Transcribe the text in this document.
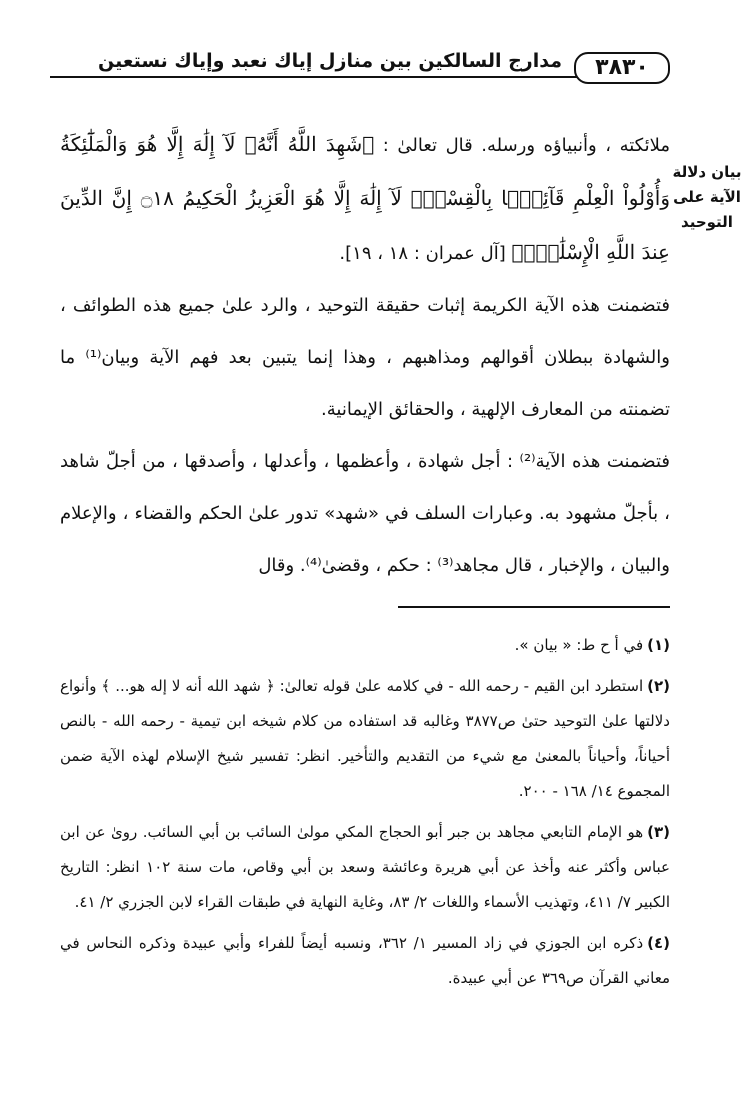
مدارج السالكين بين منازل إياك نعبد وإياك نستعين	٣٨٣٠
بيان دلالة الآية على التوحيد

ملائكته ، وأنبياؤه ورسله. قال تعالىٰ : ﴿شَهِدَ اللَّهُ أَنَّهُۥ لَآ إِلَٰهَ إِلَّا هُوَ وَالْمَلَٰٓئِكَةُ وَأُوْلُواْ الْعِلْمِ قَآئِمَۢا بِالْقِسْطِۚ لَآ إِلَٰهَ إِلَّا هُوَ الْعَزِيزُ الْحَكِيمُ ۝١٨ إِنَّ الدِّينَ عِندَ اللَّهِ الْإِسْلَٰمُۗ﴾ [آل عمران : ١٨ ، ١٩].

فتضمنت هذه الآية الكريمة إثبات حقيقة التوحيد ، والرد علىٰ جميع هذه الطوائف ، والشهادة ببطلان أقوالهم ومذاهبهم ، وهذا إنما يتبين بعد فهم الآية وبيان⁽¹⁾ ما تضمنته من المعارف الإلهية ، والحقائق الإيمانية.

فتضمنت هذه الآية⁽²⁾ : أجل شهادة ، وأعظمها ، وأعدلها ، وأصدقها ، من أجلّ شاهد ، بأجلّ مشهود به. وعبارات السلف في «شهد» تدور علىٰ الحكم والقضاء ، والإعلام والبيان ، والإخبار ، قال مجاهد⁽³⁾ : حكم ، وقضىٰ⁽⁴⁾. وقال

(١)في أ ح ط: « بيان ».

(٢)استطرد ابن القيم - رحمه الله - في كلامه علىٰ قوله تعالىٰ: ﴿ شهد الله أنه لا إله هو... ﴾ وأنواع دلالتها علىٰ التوحيد حتىٰ ص٣٨٧٧ وغالبه قد استفاده من كلام شيخه ابن تيمية - رحمه الله - بالنص أحياناً، وأحياناً بالمعنىٰ مع شيء من التقديم والتأخير. انظر: تفسير شيخ الإسلام لهذه الآية ضمن المجموع ١٤/ ١٦٨ - ٢٠٠.

(٣)هو الإمام التابعي مجاهد بن جبر أبو الحجاج المكي مولىٰ السائب بن أبي السائب. روىٰ عن ابن عباس وأكثر عنه وأخذ عن أبي هريرة وعائشة وسعد بن أبي وقاص، مات سنة ١٠٢ انظر: التاريخ الكبير ٧/ ٤١١، وتهذيب الأسماء واللغات ٢/ ٨٣، وغاية النهاية في طبقات القراء لابن الجزري ٢/ ٤١.

(٤)ذكره ابن الجوزي في زاد المسير ١/ ٣٦٢، ونسبه أيضاً للفراء وأبي عبيدة وذكره النحاس في معاني القرآن ص٣٦٩ عن أبي عبيدة.
